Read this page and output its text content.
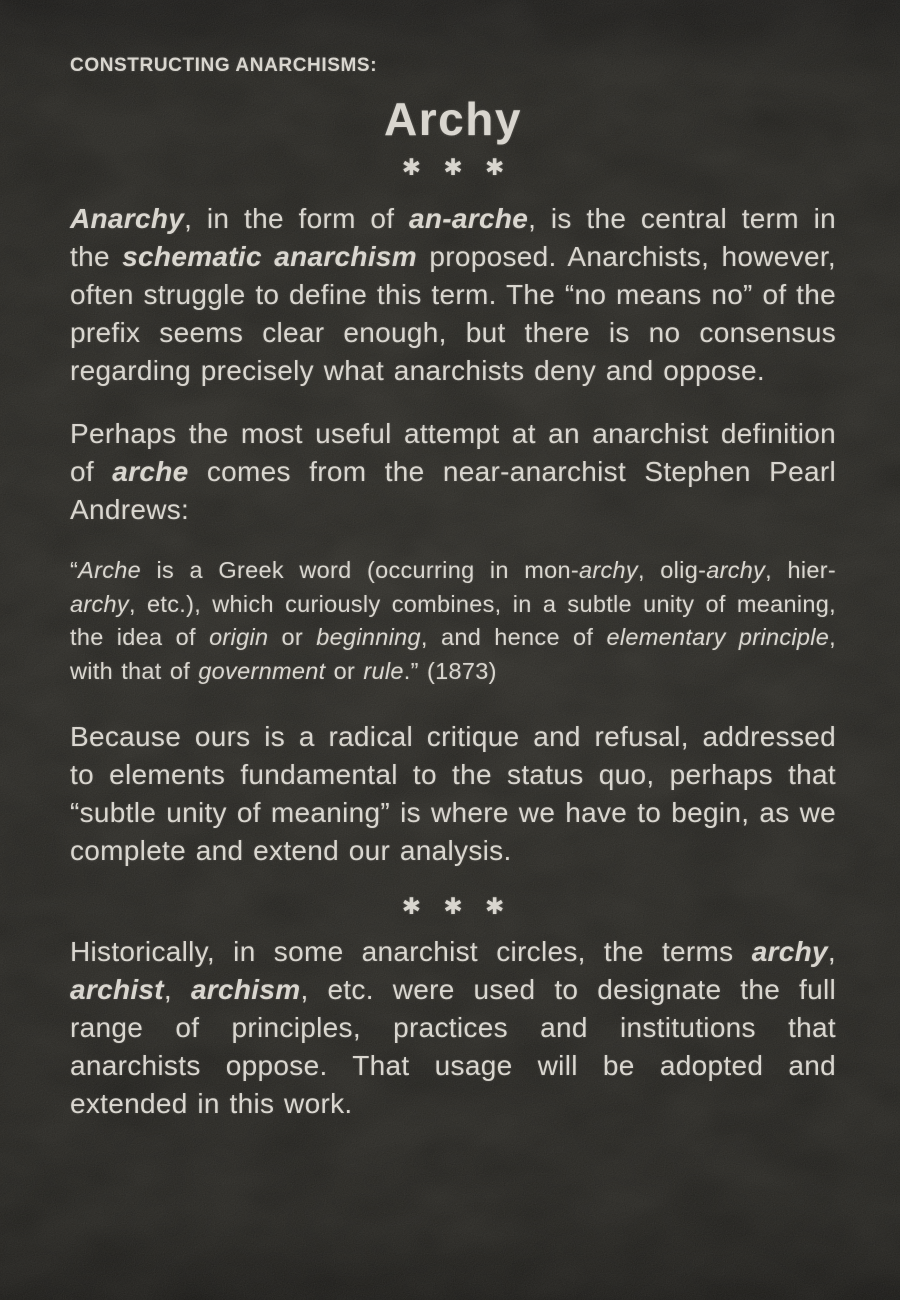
CONSTRUCTING ANARCHISMS:
Archy
✱ ✱ ✱

Anarchy, in the form of an-arche, is the central term in the schematic anarchism proposed. Anarchists, however, often struggle to define this term. The “no means no” of the prefix seems clear enough, but there is no consensus regarding precisely what anarchists deny and oppose.

Perhaps the most useful attempt at an anarchist definition of arche comes from the near-anarchist Stephen Pearl Andrews:

“Arche is a Greek word (occurring in mon-archy, olig-archy, hier-archy, etc.), which curiously combines, in a subtle unity of meaning, the idea of origin or beginning, and hence of elementary principle, with that of government or rule.” (1873)

Because ours is a radical critique and refusal, addressed to elements fundamental to the status quo, perhaps that “subtle unity of meaning” is where we have to begin, as we complete and extend our analysis.

✱ ✱ ✱

Historically, in some anarchist circles, the terms archy, archist, archism, etc. were used to designate the full range of principles, practices and institutions that anarchists oppose. That usage will be adopted and extended in this work.
